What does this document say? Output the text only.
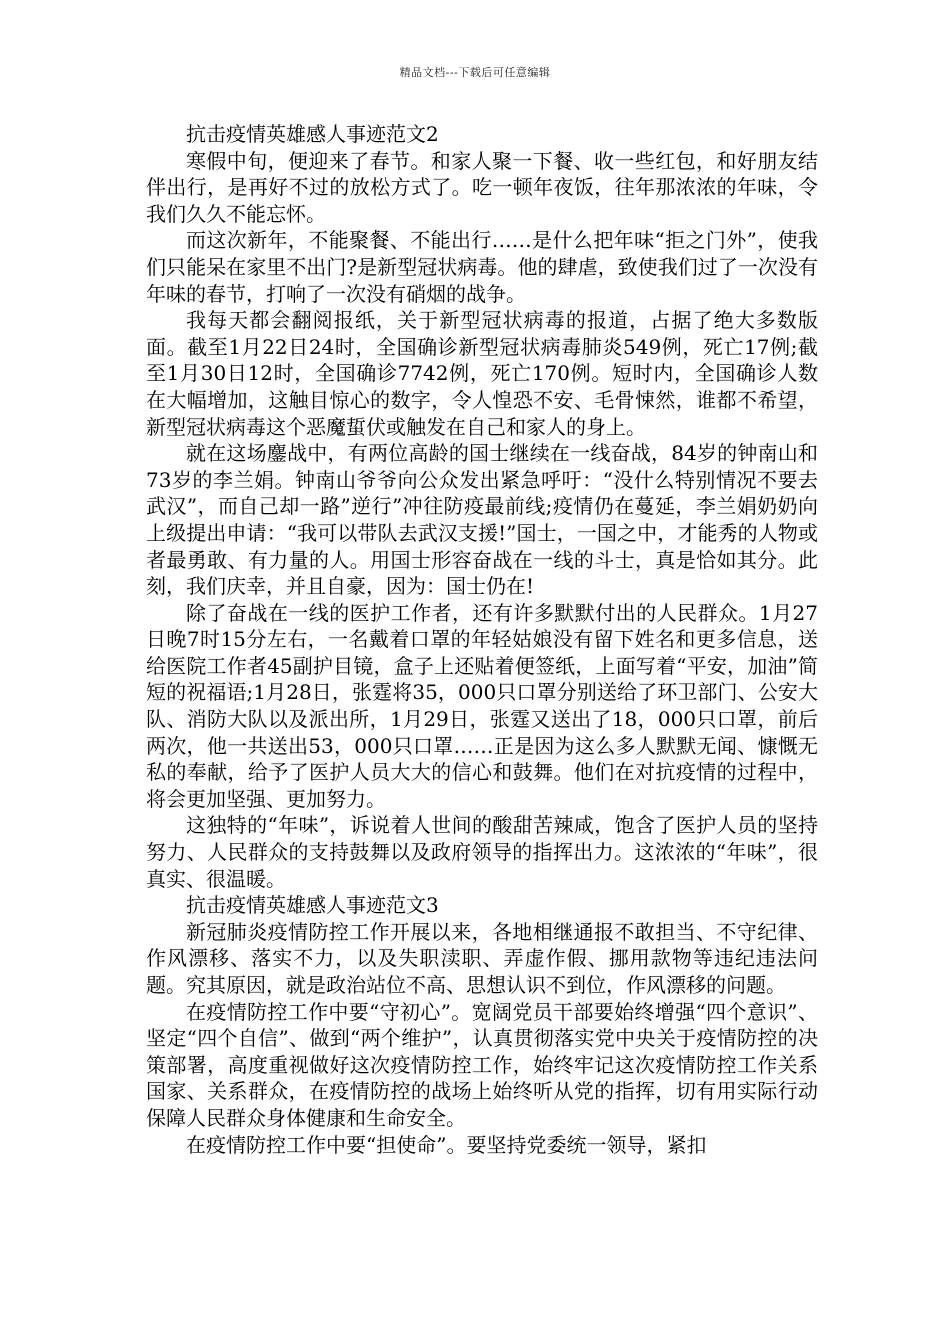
精品文档---下载后可任意编辑

抗击疫情英雄感人事迹范文2

寒假中旬，便迎来了春节。和家人聚一下餐、收一些红包，和好朋友结伴出行，是再好不过的放松方式了。吃一顿年夜饭，往年那浓浓的年味，令我们久久不能忘怀。

而这次新年，不能聚餐、不能出行……是什么把年味“拒之门外”，使我们只能呆在家里不出门?是新型冠状病毒。他的肆虐，致使我们过了一次没有年味的春节，打响了一次没有硝烟的战争。

我每天都会翻阅报纸，关于新型冠状病毒的报道，占据了绝大多数版面。截至1月22日24时，全国确诊新型冠状病毒肺炎549例，死亡17例;截至1月30日12时，全国确诊7742例，死亡170例。短时内，全国确诊人数在大幅增加，这触目惊心的数字，令人惶恐不安、毛骨悚然，谁都不希望，新型冠状病毒这个恶魔蜇伏或触发在自己和家人的身上。

就在这场鏖战中，有两位高龄的国士继续在一线奋战，84岁的钟南山和73岁的李兰娟。钟南山爷爷向公众发出紧急呼吁：“没什么特别情况不要去武汉”，而自己却一路”逆行”冲往防疫最前线;疫情仍在蔓延，李兰娟奶奶向上级提出申请：“我可以带队去武汉支援!”国士，一国之中，才能秀的人物或者最勇敢、有力量的人。用国士形容奋战在一线的斗士，真是恰如其分。此刻，我们庆幸，并且自豪，因为：国士仍在!

除了奋战在一线的医护工作者，还有许多默默付出的人民群众。1月27日晚7时15分左右，一名戴着口罩的年轻姑娘没有留下姓名和更多信息，送给医院工作者45副护目镜，盒子上还贴着便签纸，上面写着“平安，加油”简短的祝福语;1月28日，张霆将35，000只口罩分别送给了环卫部门、公安大队、消防大队以及派出所，1月29日，张霆又送出了18，000只口罩，前后两次，他一共送出53，000只口罩……正是因为这么多人默默无闻、慷慨无私的奉献，给予了医护人员大大的信心和鼓舞。他们在对抗疫情的过程中，将会更加坚强、更加努力。

这独特的“年味”，诉说着人世间的酸甜苦辣咸，饱含了医护人员的坚持努力、人民群众的支持鼓舞以及政府领导的指挥出力。这浓浓的“年味”，很真实、很温暖。

抗击疫情英雄感人事迹范文3

新冠肺炎疫情防控工作开展以来，各地相继通报不敢担当、不守纪律、作风漂移、落实不力，以及失职渎职、弄虚作假、挪用款物等违纪违法问题。究其原因，就是政治站位不高、思想认识不到位，作风漂移的问题。

在疫情防控工作中要“守初心”。宽阔党员干部要始终增强“四个意识”、坚定“四个自信”、做到“两个维护”，认真贯彻落实党中央关于疫情防控的决策部署，高度重视做好这次疫情防控工作，始终牢记这次疫情防控工作关系国家、关系群众，在疫情防控的战场上始终听从党的指挥，切有用实际行动保障人民群众身体健康和生命安全。

在疫情防控工作中要“担使命”。要坚持党委统一领导，紧扣
